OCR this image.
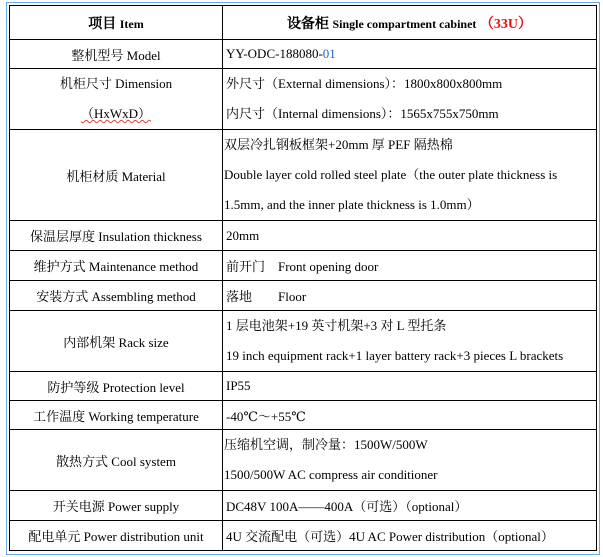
项目 Item	设备柜 Single compartment cabinet （33U）
整机型号 Model	YY-ODC-188080-01

机柜尺寸 Dimension
（HxWxD）	外尺寸（External dimensions）：1800x800x800mm
内尺寸（Internal dimensions）：1565x755x750mm

机柜材质 Material	双层冷扎钢板框架+20mm 厚 PEF 隔热棉
Double layer cold rolled steel plate（the outer plate thickness is
1.5mm, and the inner plate thickness is 1.0mm）

保温层厚度 Insulation thickness	20mm
维护方式 Maintenance method	前开门　Front opening door
安装方式 Assembling method	落地　　Floor
内部机架 Rack size	1 层电池架+19 英寸机架+3 对 L 型托条
19 inch equipment rack+1 layer battery rack+3 pieces L brackets

防护等级 Protection level	IP55
工作温度 Working temperature	-40℃～+55℃
散热方式 Cool system	压缩机空调，制冷量：1500W/500W
1500/500W AC compress air conditioner

开关电源 Power supply	DC48V 100A——400A（可选）（optional）
配电单元 Power distribution unit	4U 交流配电（可选）4U AC Power distribution（optional）
